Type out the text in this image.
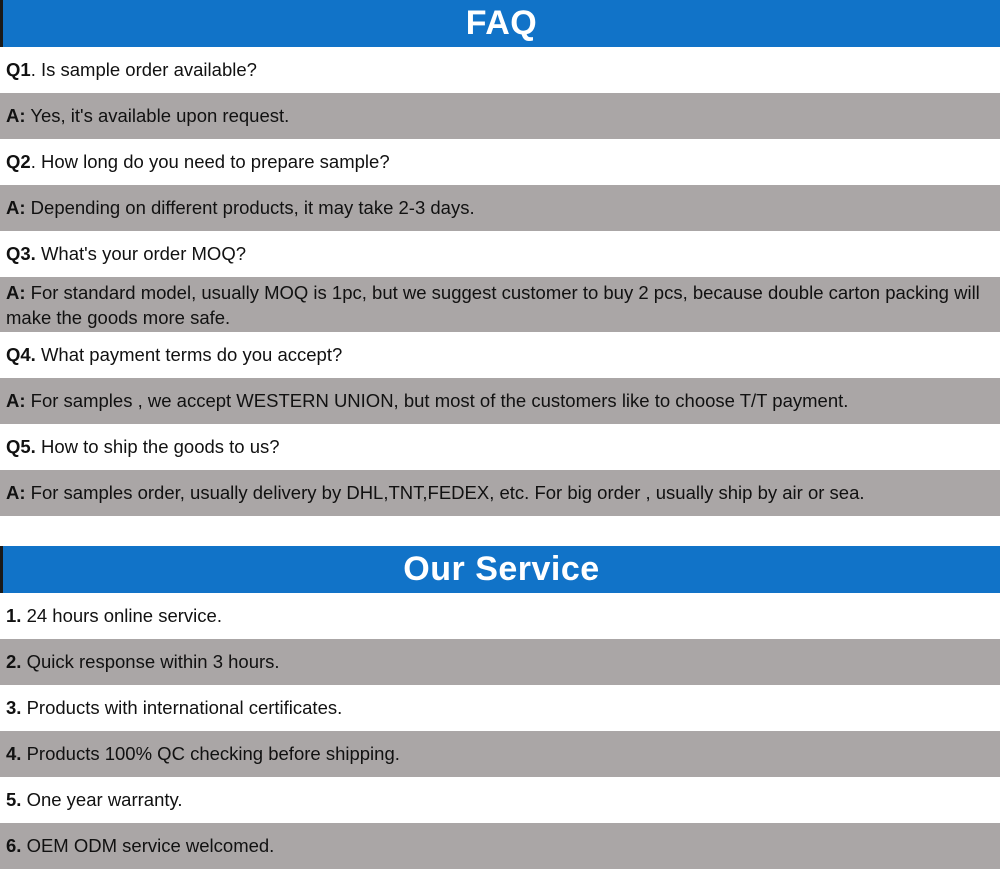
FAQ
Q1. Is sample order available?
A: Yes, it's available upon request.
Q2. How long do you need to prepare sample?
A: Depending on different products, it may take 2-3 days.
Q3. What's your order MOQ?
A: For standard model, usually MOQ is 1pc, but we suggest customer to buy 2 pcs, because double carton packing will make the goods more safe.
Q4. What payment terms do you accept?
A: For samples , we accept WESTERN UNION, but most of the customers like to choose T/T payment.
Q5. How to ship the goods to us?
A: For samples order, usually delivery by DHL,TNT,FEDEX, etc. For big order , usually ship by air or sea.
Our Service
1. 24 hours online service.
2. Quick response within 3 hours.
3. Products with international certificates.
4. Products 100% QC checking before shipping.
5. One year warranty.
6. OEM ODM service welcomed.
